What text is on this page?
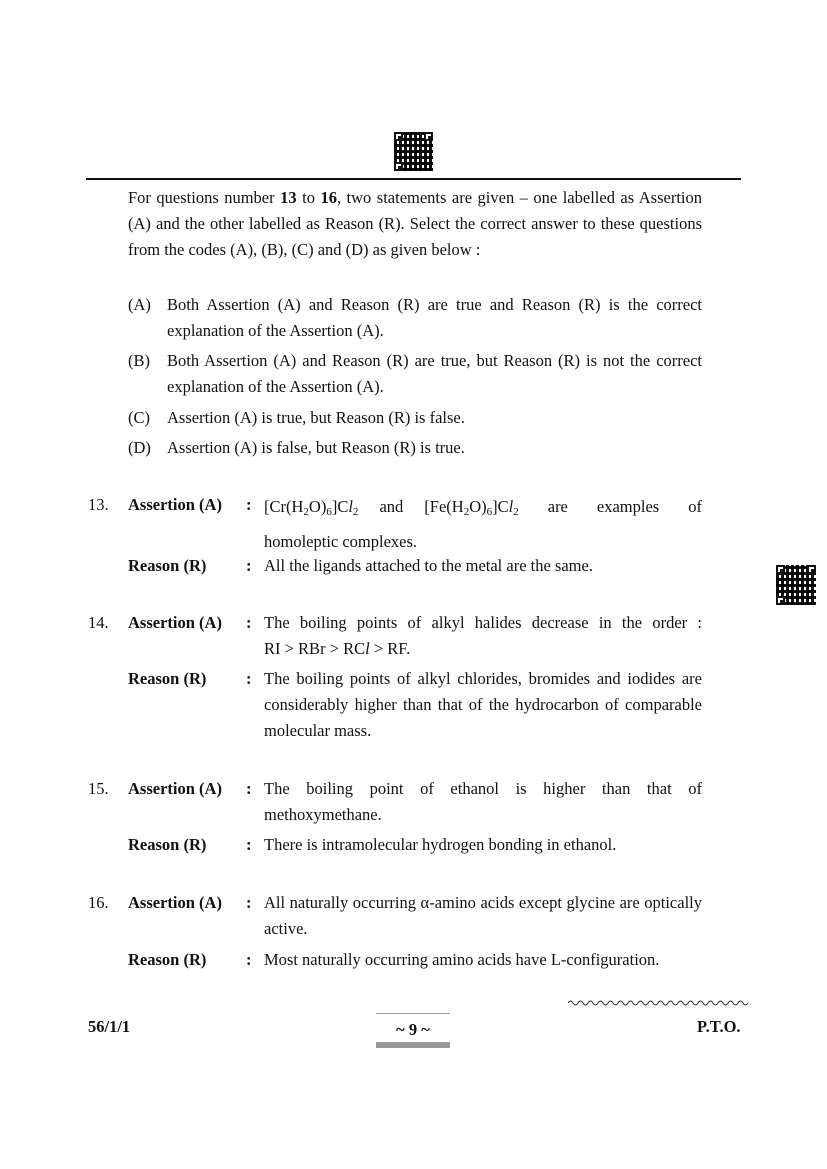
For questions number 13 to 16, two statements are given – one labelled as Assertion (A) and the other labelled as Reason (R). Select the correct answer to these questions from the codes (A), (B), (C) and (D) as given below :
(A) Both Assertion (A) and Reason (R) are true and Reason (R) is the correct explanation of the Assertion (A).
(B) Both Assertion (A) and Reason (R) are true, but Reason (R) is not the correct explanation of the Assertion (A).
(C) Assertion (A) is true, but Reason (R) is false.
(D) Assertion (A) is false, but Reason (R) is true.
13. Assertion (A) : $[Cr(H_2O)_6]Cl_2$ and $[Fe(H_2O)_6]Cl_2$ are examples of
homoleptic complexes.
Reason (R) : All the ligands attached to the metal are the same.
14. Assertion (A) : The boiling points of alkyl halides decrease in the order :
RI > RBr > RCl > RF.
Reason (R) : The boiling points of alkyl chlorides, bromides and iodides are considerably higher than that of the hydrocarbon of comparable molecular mass.
15. Assertion (A) : The boiling point of ethanol is higher than that of methoxymethane.
Reason (R) : There is intramolecular hydrogen bonding in ethanol.
16. Assertion (A) : All naturally occurring α-amino acids except glycine are optically active.
Reason (R) : Most naturally occurring amino acids have L-configuration.
56/1/1	~ 9 ~	P.T.O.
